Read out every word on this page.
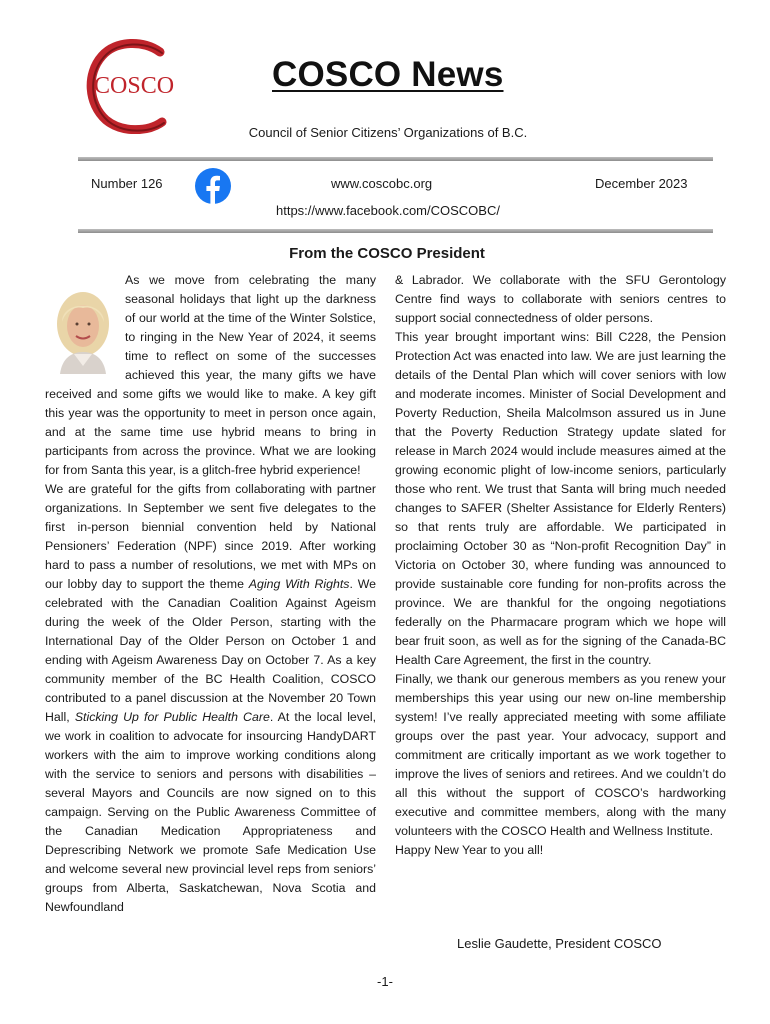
COSCO	COSCO News
Council of Senior Citizens’ Organizations of B.C.
Number 126	www.coscobc.org	December 2023
https://www.facebook.com/COSCOBC/
From the COSCO President

As we move from celebrating the many seasonal holidays that light up the darkness of our world at the time of the Winter Solstice, to ringing in the New Year of 2024, it seems time to reflect on some of the successes achieved this year, the many gifts we have received and some gifts we would like to make. A key gift this year was the opportunity to meet in person once again, and at the same time use hybrid means to bring in participants from across the province. What we are looking for from Santa this year, is a glitch-free hybrid experience!

We are grateful for the gifts from collaborating with partner organizations. In September we sent five delegates to the first in-person biennial convention held by National Pensioners’ Federation (NPF) since 2019. After working hard to pass a number of resolutions, we met with MPs on our lobby day to support the theme Aging With Rights. We celebrated with the Canadian Coalition Against Ageism during the week of the Older Person, starting with the International Day of the Older Person on October 1 and ending with Ageism Awareness Day on October 7. As a key community member of the BC Health Coalition, COSCO contributed to a panel discussion at the November 20 Town Hall, Sticking Up for Public Health Care. At the local level, we work in coalition to advocate for insourcing HandyDART workers with the aim to improve working conditions along with the service to seniors and persons with disabilities – several Mayors and Councils are now signed on to this campaign. Serving on the Public Awareness Committee of the Canadian Medication Appropriateness and Deprescribing Network we promote Safe Medication Use and welcome several new provincial level reps from seniors’ groups from Alberta, Saskatchewan, Nova Scotia and Newfoundland

& Labrador. We collaborate with the SFU Gerontology Centre find ways to collaborate with seniors centres to support social connectedness of older persons.

This year brought important wins: Bill C228, the Pension Protection Act was enacted into law. We are just learning the details of the Dental Plan which will cover seniors with low and moderate incomes. Minister of Social Development and Poverty Reduction, Sheila Malcolmson assured us in June that the Poverty Reduction Strategy update slated for release in March 2024 would include measures aimed at the growing economic plight of low-income seniors, particularly those who rent. We trust that Santa will bring much needed changes to SAFER (Shelter Assistance for Elderly Renters) so that rents truly are affordable. We participated in proclaiming October 30 as “Non-profit Recognition Day” in Victoria on October 30, where funding was announced to provide sustainable core funding for non-profits across the province. We are thankful for the ongoing negotiations federally on the Pharmacare program which we hope will bear fruit soon, as well as for the signing of the Canada-BC Health Care Agreement, the first in the country.

Finally, we thank our generous members as you renew your memberships this year using our new on-line membership system! I’ve really appreciated meeting with some affiliate groups over the past year. Your advocacy, support and commitment are critically important as we work together to improve the lives of seniors and retirees. And we couldn’t do all this without the support of COSCO’s hardworking executive and committee members, along with the many volunteers with the COSCO Health and Wellness Institute.

Happy New Year to you all!

Leslie Gaudette, President COSCO
-1-
